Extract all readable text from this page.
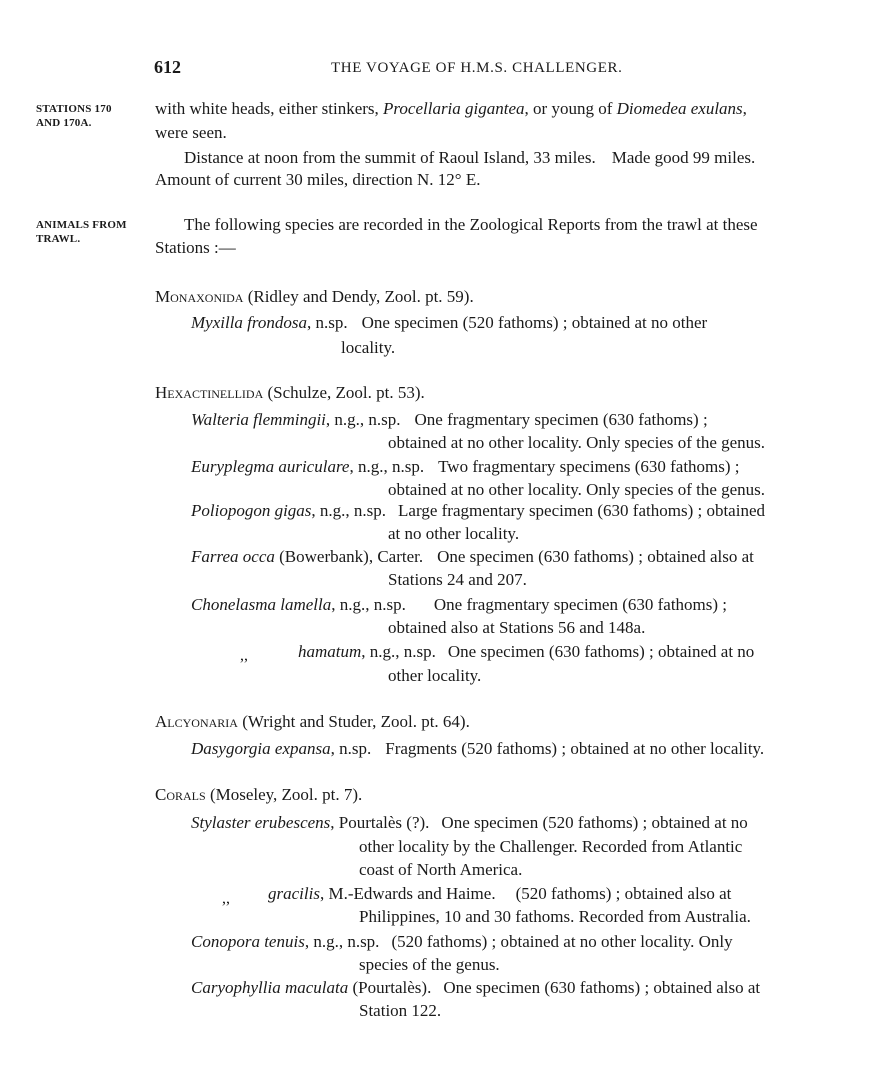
612	THE VOYAGE OF H.M.S. CHALLENGER.
STATIONS 170
AND 170A.
ANIMALS FROM
TRAWL.
with white heads, either stinkers, Procellaria gigantea, or young of Diomedea exulans,
were seen.
Distance at noon from the summit of Raoul Island, 33 miles. Made good 99 miles.
Amount of current 30 miles, direction N. 12° E.
The following species are recorded in the Zoological Reports from the trawl at these
Stations :—
Monaxonida (Ridley and Dendy, Zool. pt. 59).
Myxilla frondosa, n.sp. One specimen (520 fathoms) ; obtained at no other
locality.
Hexactinellida (Schulze, Zool. pt. 53).
Walteria flemmingii, n.g., n.sp. One fragmentary specimen (630 fathoms) ;
obtained at no other locality. Only species of the genus.
Euryplegma auriculare, n.g., n.sp. Two fragmentary specimens (630 fathoms) ;
obtained at no other locality. Only species of the genus.
Poliopogon gigas, n.g., n.sp. Large fragmentary specimen (630 fathoms) ; obtained
at no other locality.
Farrea occa (Bowerbank), Carter. One specimen (630 fathoms) ; obtained also at
Stations 24 and 207.
Chonelasma lamella, n.g., n.sp. One fragmentary specimen (630 fathoms) ;
obtained also at Stations 56 and 148a.
,,	hamatum, n.g., n.sp. One specimen (630 fathoms) ; obtained at no
other locality.
Alcyonaria (Wright and Studer, Zool. pt. 64).
Dasygorgia expansa, n.sp. Fragments (520 fathoms) ; obtained at no other locality.
Corals (Moseley, Zool. pt. 7).
Stylaster erubescens, Pourtalès (?). One specimen (520 fathoms) ; obtained at no
other locality by the Challenger. Recorded from Atlantic
coast of North America.
,, gracilis, M.-Edwards and Haime. (520 fathoms) ; obtained also at
Philippines, 10 and 30 fathoms. Recorded from Australia.
Conopora tenuis, n.g., n.sp. (520 fathoms) ; obtained at no other locality. Only
species of the genus.
Caryophyllia maculata (Pourtalès). One specimen (630 fathoms) ; obtained also at
Station 122.
